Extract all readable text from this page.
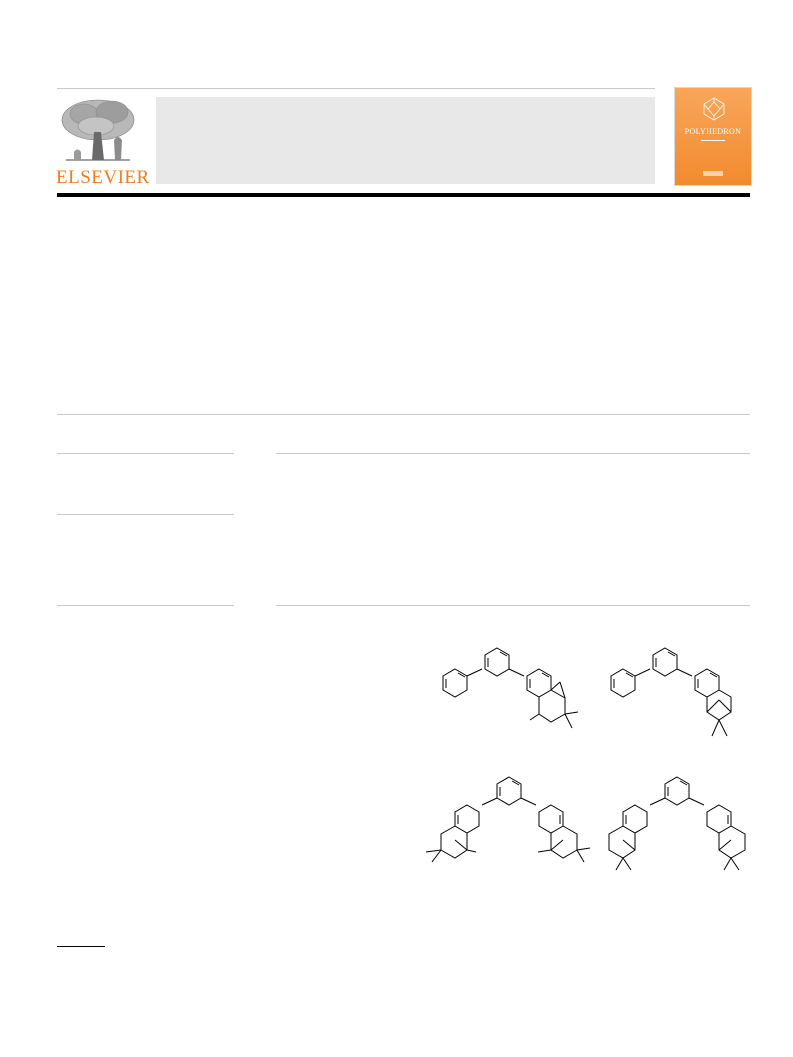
ELSEVIER
POLYHEDRON
